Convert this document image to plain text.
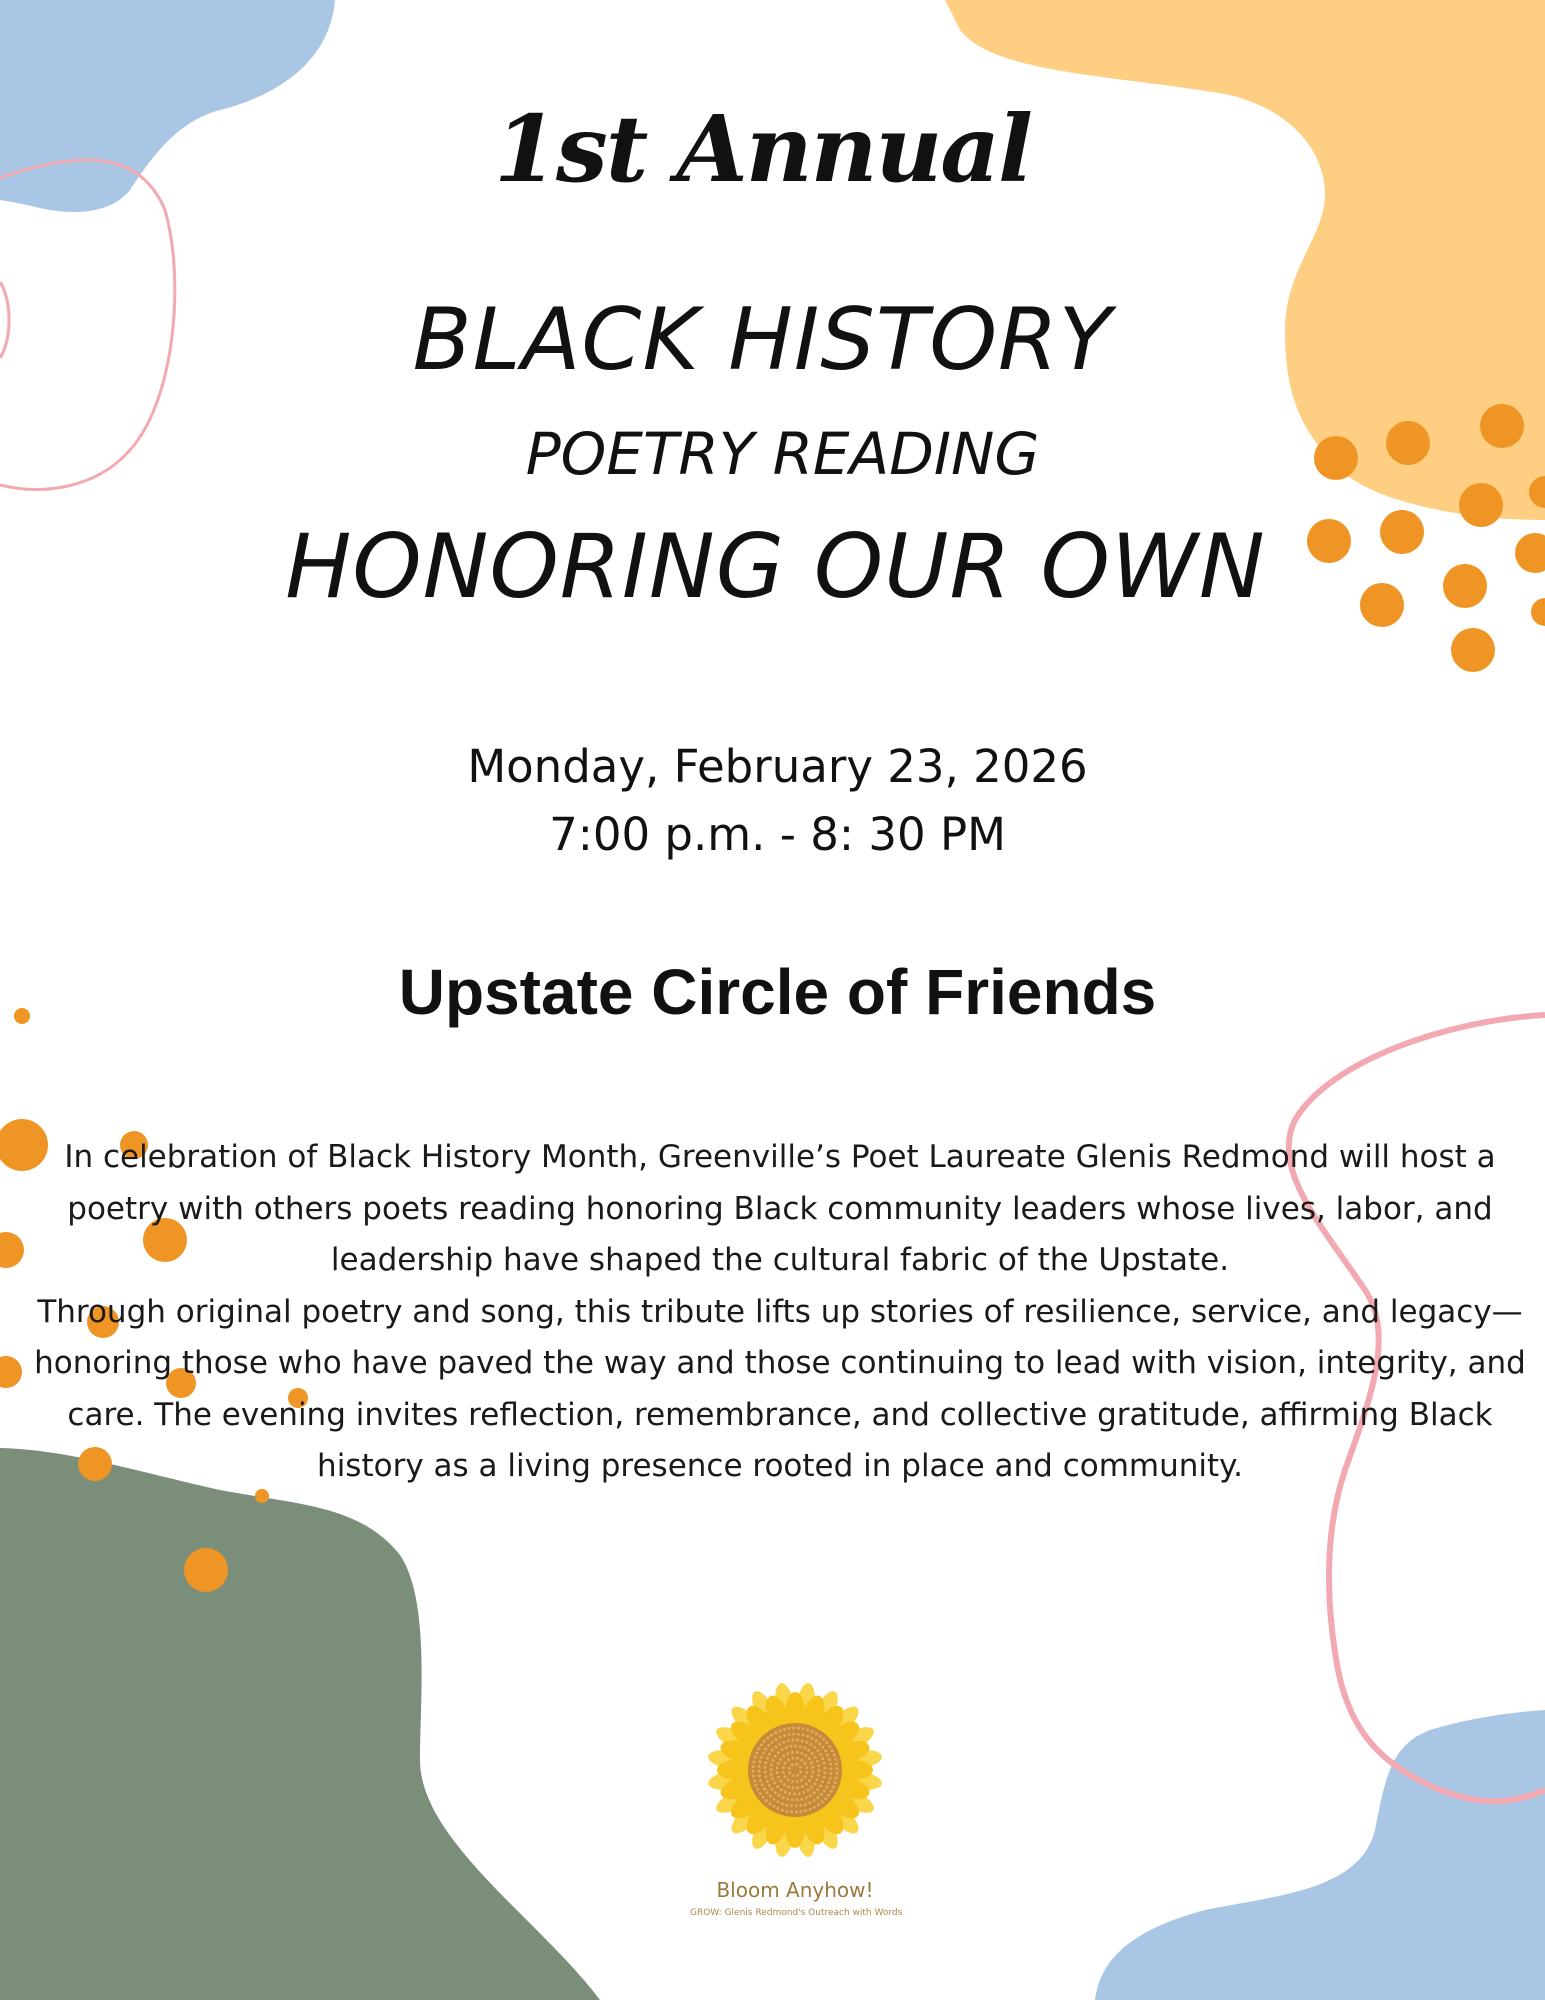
1st Annual
BLACK HISTORY
POETRY READING
HONORING OUR OWN
Monday, February 23, 2026
7:00 p.m. - 8: 30 PM
Upstate Circle of Friends

In celebration of Black History Month, Greenville’s Poet Laureate Glenis Redmond will host a poetry with others poets reading honoring Black community leaders whose lives, labor, and leadership have shaped the cultural fabric of the Upstate.

Through original poetry and song, this tribute lifts up stories of resilience, service, and legacy—honoring those who have paved the way and those continuing to lead with vision, integrity, and care. The evening invites reflection, remembrance, and collective gratitude, affirming Black history as a living presence rooted in place and community.

Bloom Anyhow!
GROW: Glenis Redmond's Outreach with Words
